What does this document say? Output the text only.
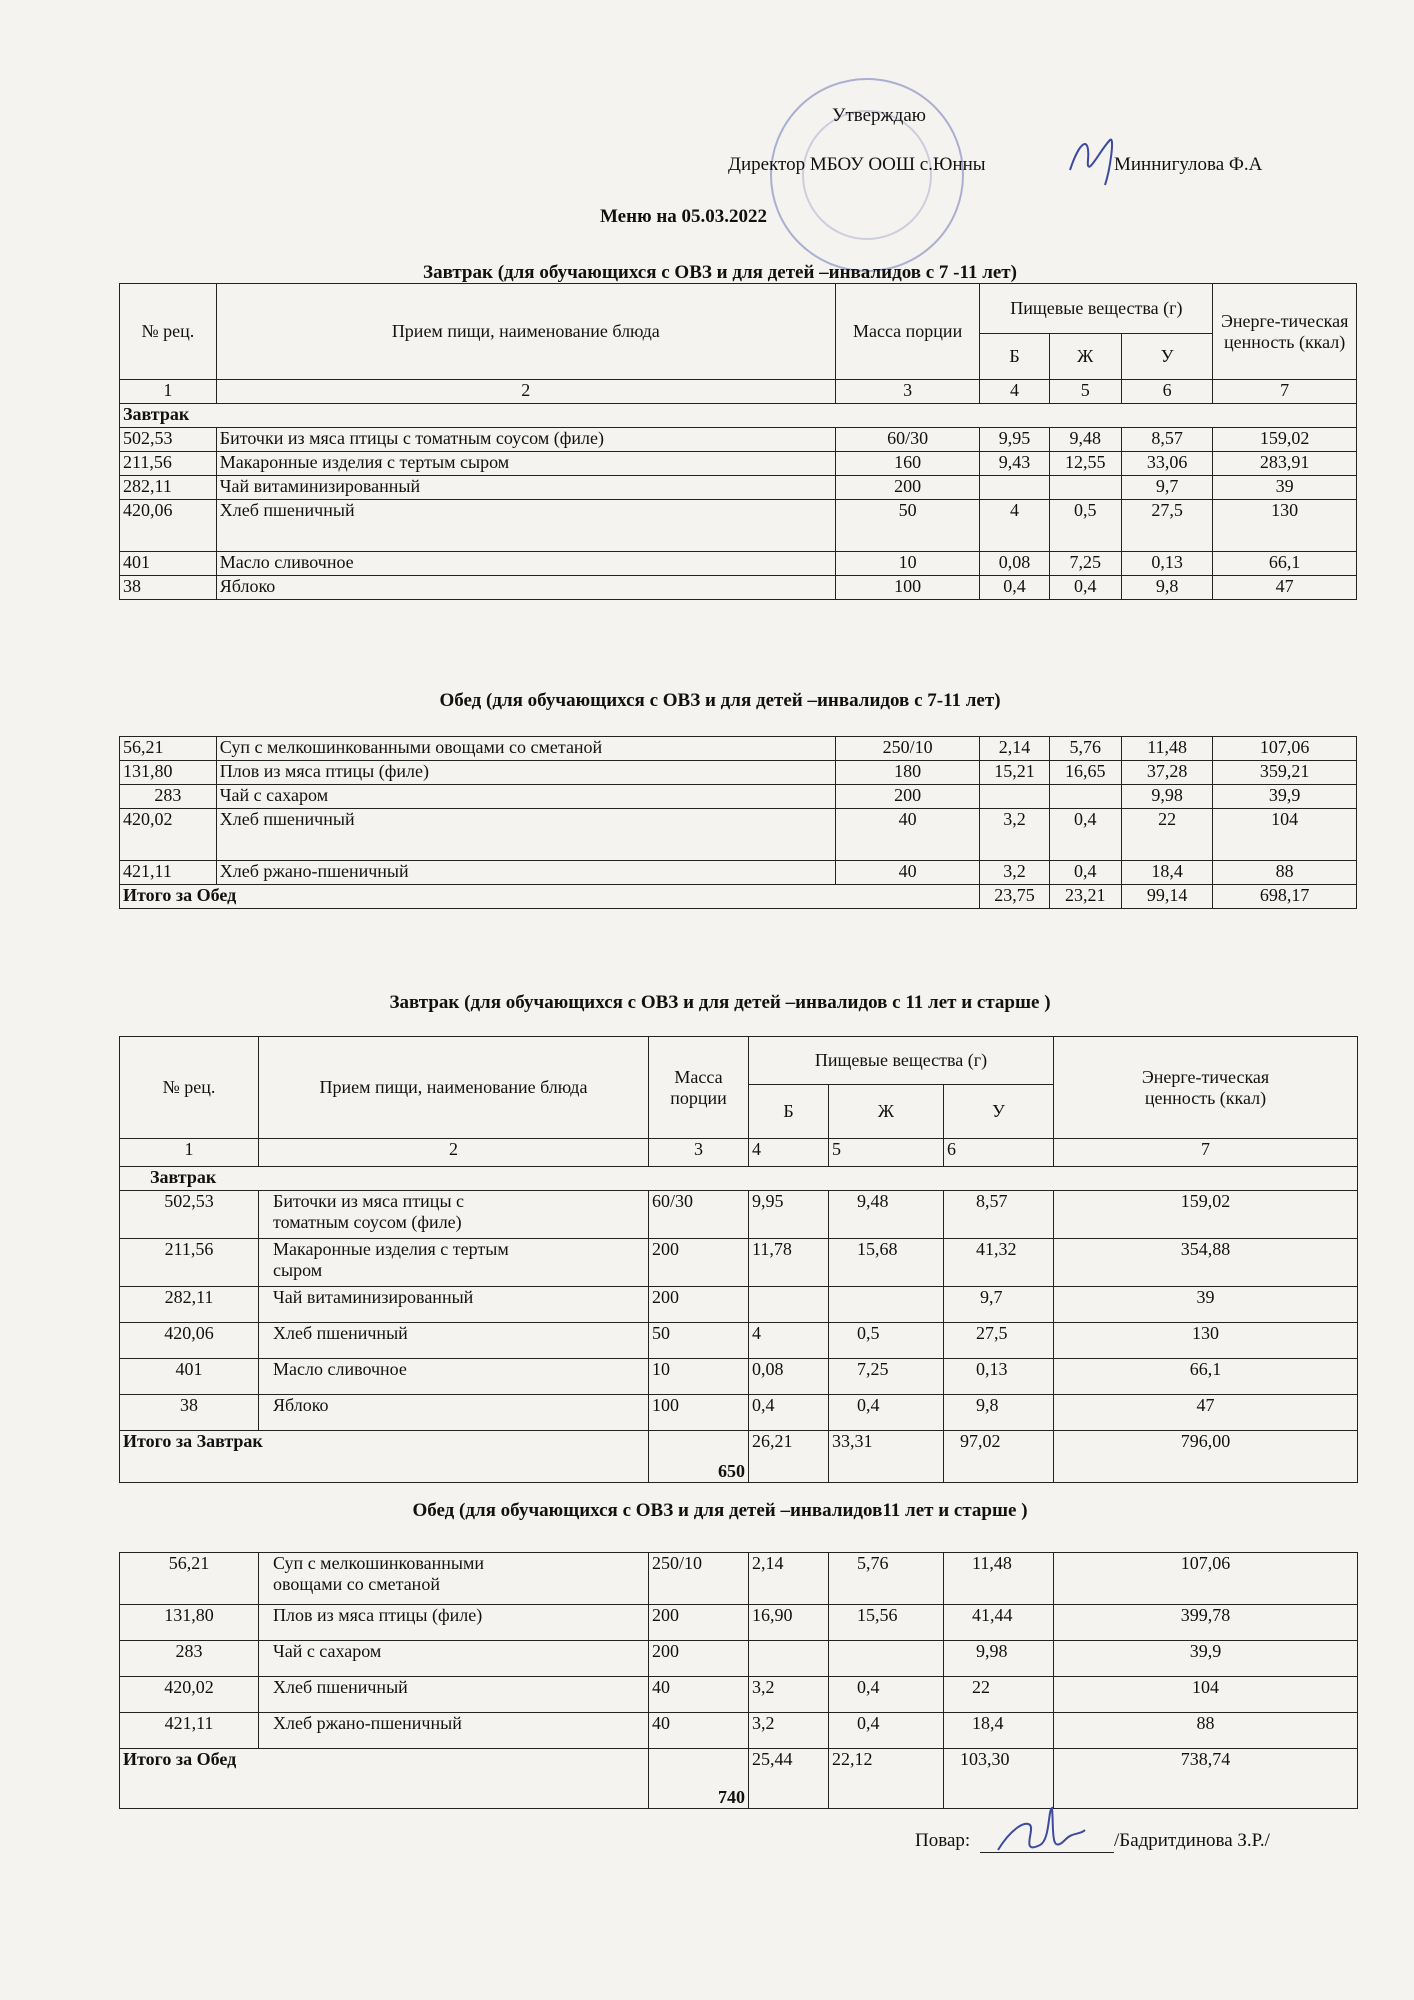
Утверждаю
Директор МБОУ ООШ с.Юнны	Миннигулова Ф.А
Меню на 05.03.2022
Завтрак (для обучающихся с ОВЗ и для детей –инвалидов с 7 -11 лет)
№ рец.	Прием пищи, наименование блюда	Масса порции	Пищевые вещества (г)			Энерге-тическая ценность (ккал)
			Б	Ж	У	
1	2	3	4	5	6	7
Завтрак						
502,53	Биточки из мяса птицы с томатным соусом (филе)	60/30	9,95	9,48	8,57	159,02
211,56	Макаронные изделия с тертым сыром	160	9,43	12,55	33,06	283,91
282,11	Чай витаминизированный	200			9,7	39
420,06	Хлеб пшеничный	50	4	0,5	27,5	130
401	Масло сливочное	10	0,08	7,25	0,13	66,1
38	Яблоко	100	0,4	0,4	9,8	47
Обед (для обучающихся с ОВЗ и для детей –инвалидов с 7-11 лет)
56,21	Суп с мелкошинкованными овощами со сметаной	250/10	2,14	5,76	11,48	107,06
131,80	Плов из мяса птицы (филе)	180	15,21	16,65	37,28	359,21
283	Чай с сахаром	200			9,98	39,9
420,02	Хлеб пшеничный	40	3,2	0,4	22	104
421,11	Хлеб ржано-пшеничный	40	3,2	0,4	18,4	88
Итого за Обед			23,75	23,21	99,14	698,17
Завтрак (для обучающихся с ОВЗ и для детей –инвалидов с 11 лет и старше )
№ рец.	Прием пищи, наименование блюда	Масса порции	Пищевые вещества (г)			Энерге-тическая ценность (ккал)
			Б	Ж	У	
1	2	3	4	5	6	7
Завтрак						
502,53	Биточки из мяса птицы с томатным соусом (филе)	60/30	9,95	9,48	8,57	159,02
211,56	Макаронные изделия с тертым сыром	200	11,78	15,68	41,32	354,88
282,11	Чай витаминизированный	200			9,7	39
420,06	Хлеб пшеничный	50	4	0,5	27,5	130
401	Масло сливочное	10	0,08	7,25	0,13	66,1
38	Яблоко	100	0,4	0,4	9,8	47
Итого за Завтрак		650	26,21	33,31	97,02	796,00
Обед (для обучающихся с ОВЗ и для детей –инвалидов11 лет и старше )
56,21	Суп с мелкошинкованными овощами со сметаной	250/10	2,14	5,76	11,48	107,06
131,80	Плов из мяса птицы (филе)	200	16,90	15,56	41,44	399,78
283	Чай с сахаром	200			9,98	39,9
420,02	Хлеб пшеничный	40	3,2	0,4	22	104
421,11	Хлеб ржано-пшеничный	40	3,2	0,4	18,4	88
Итого за Обед		740	25,44	22,12	103,30	738,74
Повар:	/Бадритдинова З.Р./
